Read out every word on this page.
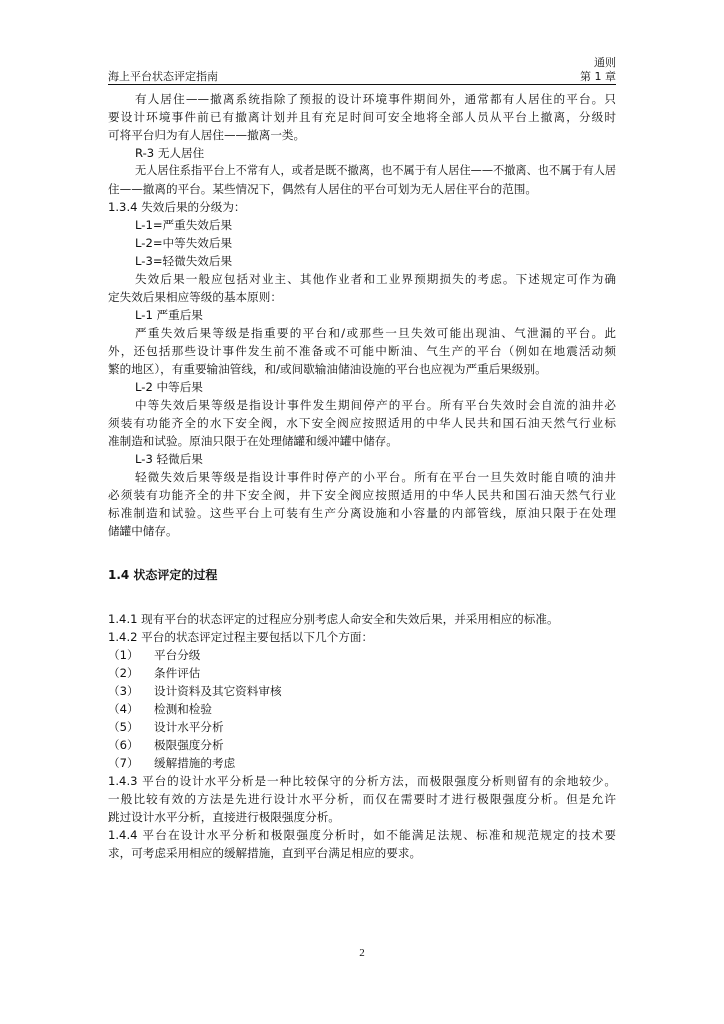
通则
海上平台状态评定指南	第 1 章
有人居住——撤离系统指除了预报的设计环境事件期间外，通常都有人居住的平台。只
要设计环境事件前已有撤离计划并且有充足时间可安全地将全部人员从平台上撤离，分级时
可将平台归为有人居住——撤离一类。
R-3 无人居住
无人居住系指平台上不常有人，或者是既不撤离，也不属于有人居住——不撤离、也不属于有人居
住——撤离的平台。某些情况下，偶然有人居住的平台可划为无人居住平台的范围。
1.3.4 失效后果的分级为：
L-1=严重失效后果
L-2=中等失效后果
L-3=轻微失效后果
失效后果一般应包括对业主、其他作业者和工业界预期损失的考虑。下述规定可作为确
定失效后果相应等级的基本原则：
L-1 严重后果
严重失效后果等级是指重要的平台和/或那些一旦失效可能出现油、气泄漏的平台。此
外，还包括那些设计事件发生前不准备或不可能中断油、气生产的平台（例如在地震活动频
繁的地区），有重要输油管线，和/或间歇输油储油设施的平台也应视为严重后果级别。
L-2 中等后果
中等失效后果等级是指设计事件发生期间停产的平台。所有平台失效时会自流的油井必
须装有功能齐全的水下安全阀，水下安全阀应按照适用的中华人民共和国石油天然气行业标
准制造和试验。原油只限于在处理储罐和缓冲罐中储存。
L-3 轻微后果
轻微失效后果等级是指设计事件时停产的小平台。所有在平台一旦失效时能自喷的油井
必须装有功能齐全的井下安全阀，井下安全阀应按照适用的中华人民共和国石油天然气行业
标准制造和试验。这些平台上可装有生产分离设施和小容量的内部管线，原油只限于在处理
储罐中储存。
1.4 状态评定的过程
1.4.1 现有平台的状态评定的过程应分别考虑人命安全和失效后果，并采用相应的标准。
1.4.2 平台的状态评定过程主要包括以下几个方面：
（1） 平台分级
（2） 条件评估
（3） 设计资料及其它资料审核
（4） 检测和检验
（5） 设计水平分析
（6） 极限强度分析
（7） 缓解措施的考虑
1.4.3 平台的设计水平分析是一种比较保守的分析方法，而极限强度分析则留有的余地较少。
一般比较有效的方法是先进行设计水平分析，而仅在需要时才进行极限强度分析。但是允许
跳过设计水平分析，直接进行极限强度分析。
1.4.4 平台在设计水平分析和极限强度分析时，如不能满足法规、标准和规范规定的技术要
求，可考虑采用相应的缓解措施，直到平台满足相应的要求。
2
